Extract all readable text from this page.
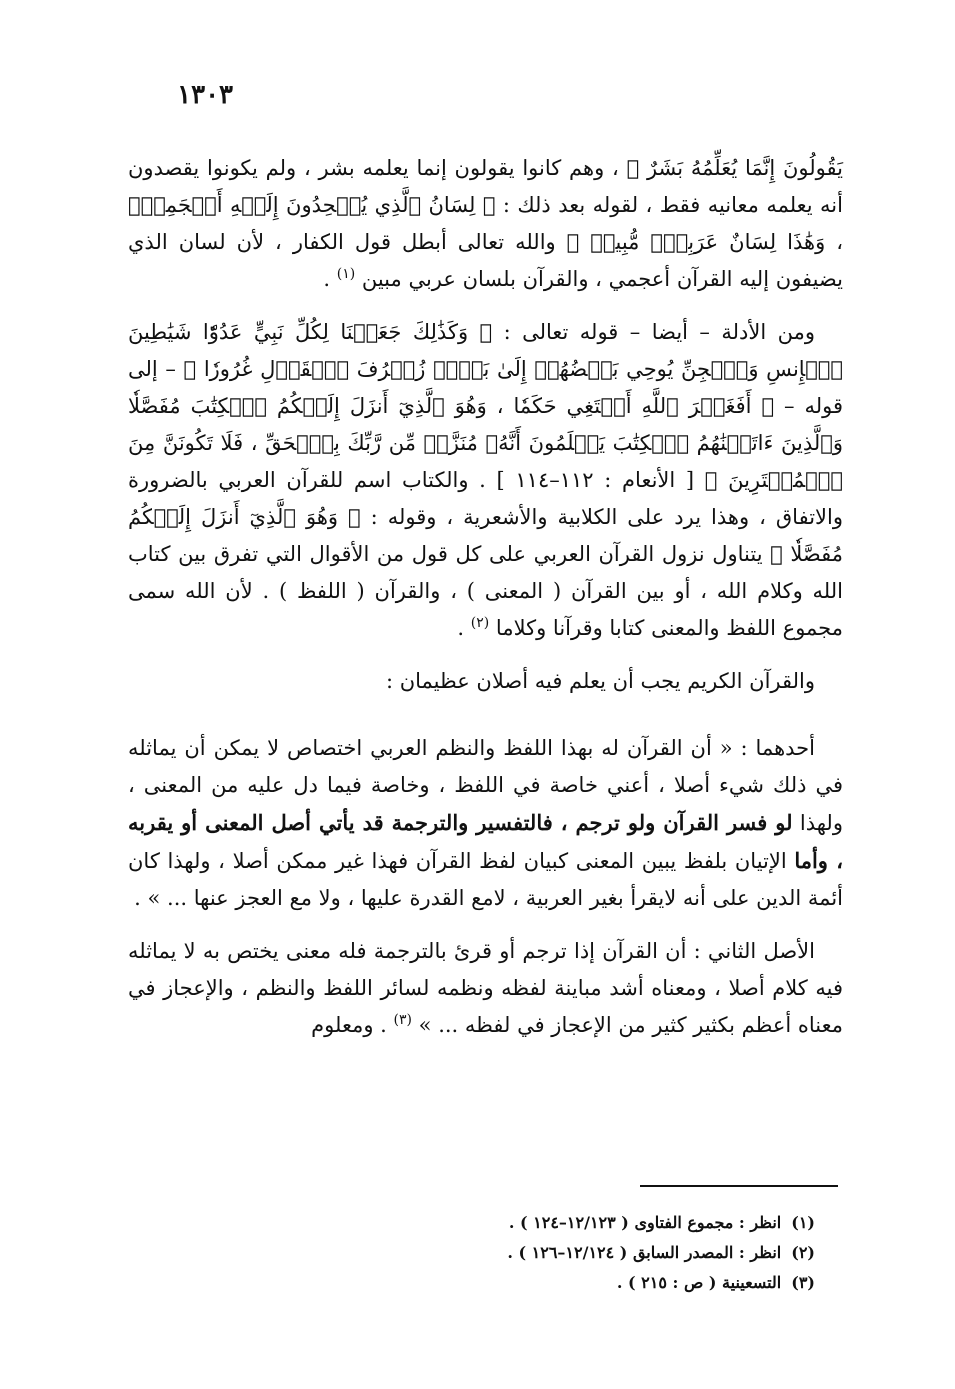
١٣٠٣

يَقُولُونَ إِنَّمَا يُعَلِّمُهُ بَشَرٌ ﴾ ، وهم كانوا يقولون إنما يعلمه بشر ، ولم يكونوا يقصدون أنه يعلمه معانيه فقط ، لقوله بعد ذلك : ﴿ لِسَانُ ٱلَّذِي يُلۡحِدُونَ إِلَيۡهِ أَعۡجَمِيّٞ ، وَهَٰذَا لِسَانٌ عَرَبِيّٞ مُّبِينٞ ﴾ والله تعالى أبطل قول الكفار ، لأن لسان الذي يضيفون إليه القرآن أعجمي ، والقرآن بلسان عربي مبين $^{(١)}$ .

ومن الأدلة – أيضا – قوله تعالى : ﴿ وَكَذَٰلِكَ جَعَلۡنَا لِكُلِّ نَبِيٍّ عَدُوّٗا شَيَٰطِينَ ٱلۡإِنسِ وَٱلۡجِنِّ يُوحِي بَعۡضُهُمۡ إِلَىٰ بَعۡضٖ زُخۡرُفَ ٱلۡقَوۡلِ غُرُورٗا ﴾ – إلى قوله – ﴿ أَفَغَيۡرَ ٱللَّهِ أَبۡتَغِي حَكَمٗا ، وَهُوَ ٱلَّذِيٓ أَنزَلَ إِلَيۡكُمُ ٱلۡكِتَٰبَ مُفَصَّلٗا وَٱلَّذِينَ ءَاتَيۡنَٰهُمُ ٱلۡكِتَٰبَ يَعۡلَمُونَ أَنَّهُۥ مُنَزَّلٞ مِّن رَّبِّكَ بِٱلۡحَقِّ ، فَلَا تَكُونَنَّ مِنَ ٱلۡمُمۡتَرِينَ ﴾ [ الأنعام : ١١٢–١١٤ ] . والكتاب اسم للقرآن العربي بالضرورة والاتفاق ، وهذا يرد على الكلابية والأشعرية ، وقوله : ﴿ وَهُوَ ٱلَّذِيٓ أَنزَلَ إِلَيۡكُمُ مُفَصَّلٗا ﴾ يتناول نزول القرآن العربي على كل قول من الأقوال التي تفرق بين كتاب الله وكلام الله ، أو بين القرآن ( المعنى ) ، والقرآن ( اللفظ ) . لأن الله سمى مجموع اللفظ والمعنى كتابا وقرآنا وكلاما $^{(٢)}$ .

والقرآن الكريم يجب أن يعلم فيه أصلان عظيمان :

أحدهما : « أن القرآن له بهذا اللفظ والنظم العربي اختصاص لا يمكن أن يماثله في ذلك شيء أصلا ، أعني خاصة في اللفظ ، وخاصة فيما دل عليه من المعنى ، ولهذا لو فسر القرآن ولو ترجم ، فالتفسير والترجمة قد يأتي أصل المعنى أو يقربه ، وأما الإتيان بلفظ يبين المعنى كبيان لفظ القرآن فهذا غير ممكن أصلا ، ولهذا كان أئمة الدين على أنه لايقرأ بغير العربية ، لامع القدرة عليها ، ولا مع العجز عنها ... » .

الأصل الثاني : أن القرآن إذا ترجم أو قرئ بالترجمة فله معنى يختص به لا يماثله فيه كلام أصلا ، ومعناه أشد مباينة لفظه ونظمه لسائر اللفظ والنظم ، والإعجاز في معناه أعظم بكثير كثير من الإعجاز في لفظه ... » $^{(٣)}$ . ومعلوم

(١)انظر : مجموع الفتاوى ( ١٢/١٢٣–١٢٤ ) .
(٢)انظر : المصدر السابق ( ١٢/١٢٤–١٢٦ ) .
(٣)التسعينية ( ص : ٢١٥ ) .
